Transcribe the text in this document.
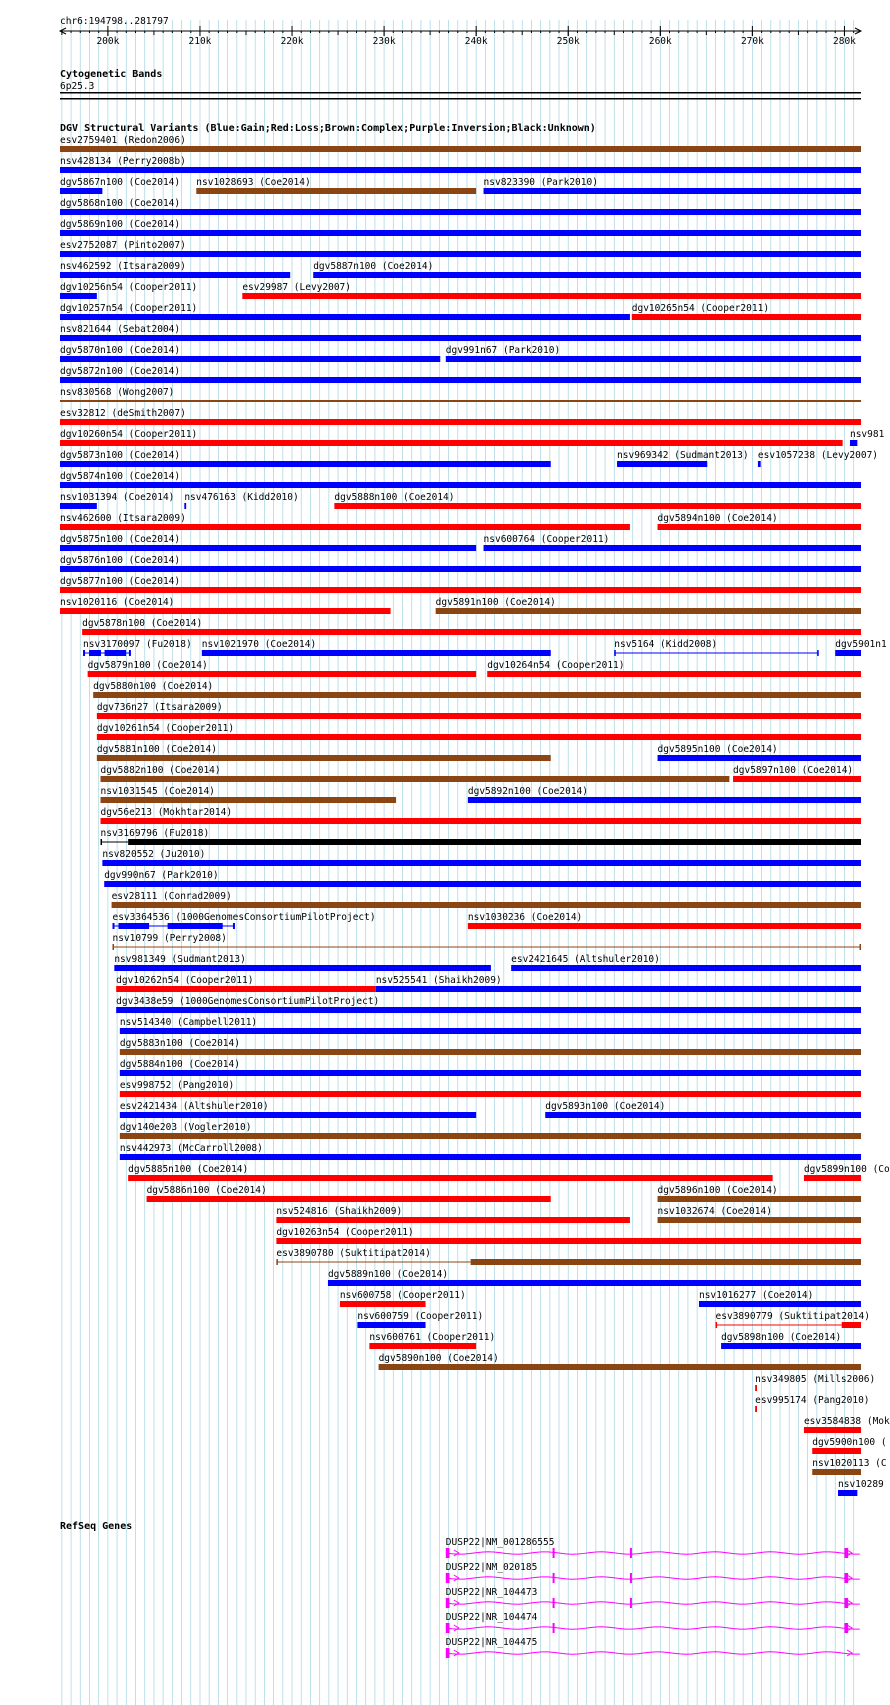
chr6:194798..281797
200k	210k	220k	230k	240k	250k	260k	270k	280k
Cytogenetic Bands
6p25.3
DGV Structural Variants (Blue:Gain;Red:Loss;Brown:Complex;Purple:Inversion;Black:Unknown)
esv2759401 (Redon2006)
nsv428134 (Perry2008b)
dgv5867n100 (Coe2014) nsv1028693 (Coe2014)	nsv823390 (Park2010)
dgv5868n100 (Coe2014)
dgv5869n100 (Coe2014)
esv2752087 (Pinto2007)
nsv462592 (Itsara2009)	dgv5887n100 (Coe2014)
dgv10256n54 (Cooper2011)	esv29987 (Levy2007)
dgv10257n54 (Cooper2011)	dgv10265n54 (Cooper2011)
nsv821644 (Sebat2004)
dgv5870n100 (Coe2014)	dgv991n67 (Park2010)
dgv5872n100 (Coe2014)
nsv830568 (Wong2007)
esv32812 (deSmith2007)
dgv10260n54 (Cooper2011)	nsv981
dgv5873n100 (Coe2014)	nsv969342 (Sudmant2013) esv1057238 (Levy2007)
dgv5874n100 (Coe2014)
nsv1031394 (Coe2014) nsv476163 (Kidd2010)	dgv5888n100 (Coe2014)
nsv462600 (Itsara2009)	dgv5894n100 (Coe2014)
dgv5875n100 (Coe2014)	nsv600764 (Cooper2011)
dgv5876n100 (Coe2014)
dgv5877n100 (Coe2014)
nsv1020116 (Coe2014)	dgv5891n100 (Coe2014)
dgv5878n100 (Coe2014)
nsv3170097 (Fu2018) nsv1021970 (Coe2014)	nsv5164 (Kidd2008)	dgv5901n1
dgv5879n100 (Coe2014)	dgv10264n54 (Cooper2011)
dgv5880n100 (Coe2014)
dgv736n27 (Itsara2009)
dgv10261n54 (Cooper2011)
dgv5881n100 (Coe2014)	dgv5895n100 (Coe2014)
dgv5882n100 (Coe2014)	dgv5897n100 (Coe2014)
nsv1031545 (Coe2014)	dgv5892n100 (Coe2014)
dgv56e213 (Mokhtar2014)
nsv3169796 (Fu2018)
nsv820552 (Ju2010)
dgv990n67 (Park2010)
esv28111 (Conrad2009)
esv3364536 (1000GenomesConsortiumPilotProject)	nsv1030236 (Coe2014)
nsv10799 (Perry2008)
nsv981349 (Sudmant2013)	esv2421645 (Altshuler2010)
dgv10262n54 (Cooper2011)	nsv525541 (Shaikh2009)
dgv3438e59 (1000GenomesConsortiumPilotProject)
nsv514340 (Campbell2011)
dgv5883n100 (Coe2014)
dgv5884n100 (Coe2014)
esv998752 (Pang2010)
esv2421434 (Altshuler2010)	dgv5893n100 (Coe2014)
dgv140e203 (Vogler2010)
nsv442973 (McCarroll2008)
dgv5885n100 (Coe2014)	dgv5899n100 (Co
dgv5886n100 (Coe2014)	dgv5896n100 (Coe2014)
nsv524816 (Shaikh2009)	nsv1032674 (Coe2014)
dgv10263n54 (Cooper2011)
esv3890780 (Suktitipat2014)
dgv5889n100 (Coe2014)
nsv600758 (Cooper2011)	nsv1016277 (Coe2014)
nsv600759 (Cooper2011)	esv3890779 (Suktitipat2014)
nsv600761 (Cooper2011)	dgv5898n100 (Coe2014)
dgv5890n100 (Coe2014)
nsv349805 (Mills2006)
esv995174 (Pang2010)
esv3584838 (Mok
dgv5900n100 (
nsv1020113 (C
nsv10289
RefSeq Genes
DUSP22|NM_001286555
DUSP22|NM_020185
DUSP22|NR_104473
DUSP22|NR_104474
DUSP22|NR_104475
